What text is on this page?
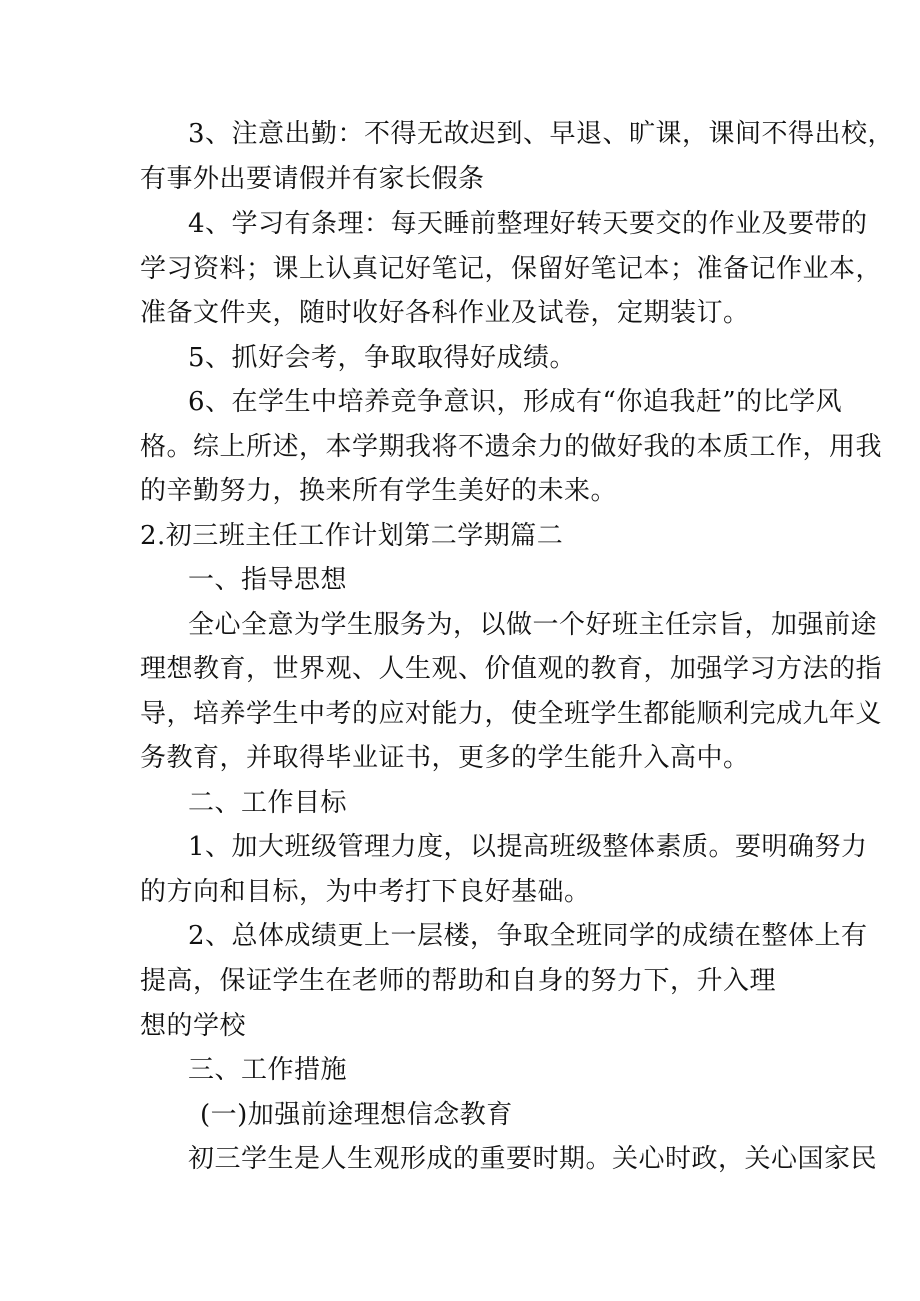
3、注意出勤：不得无故迟到、早退、旷课，课间不得出校，
有事外出要请假并有家长假条
4、学习有条理：每天睡前整理好转天要交的作业及要带的
学习资料；课上认真记好笔记，保留好笔记本；准备记作业本，
准备文件夹，随时收好各科作业及试卷，定期装订。
5、抓好会考，争取取得好成绩。
6、在学生中培养竞争意识，形成有“你追我赶”的比学风
格。综上所述，本学期我将不遗余力的做好我的本质工作，用我
的辛勤努力，换来所有学生美好的未来。
2.初三班主任工作计划第二学期篇二
一、指导思想
全心全意为学生服务为，以做一个好班主任宗旨，加强前途
理想教育，世界观、人生观、价值观的教育，加强学习方法的指
导，培养学生中考的应对能力，使全班学生都能顺利完成九年义
务教育，并取得毕业证书，更多的学生能升入高中。
二、工作目标
1、加大班级管理力度，以提高班级整体素质。要明确努力
的方向和目标，为中考打下良好基础。
2、总体成绩更上一层楼，争取全班同学的成绩在整体上有
提高，保证学生在老师的帮助和自身的努力下，升入理
想的学校
三、工作措施
(一)加强前途理想信念教育
初三学生是人生观形成的重要时期。关心时政，关心国家民
